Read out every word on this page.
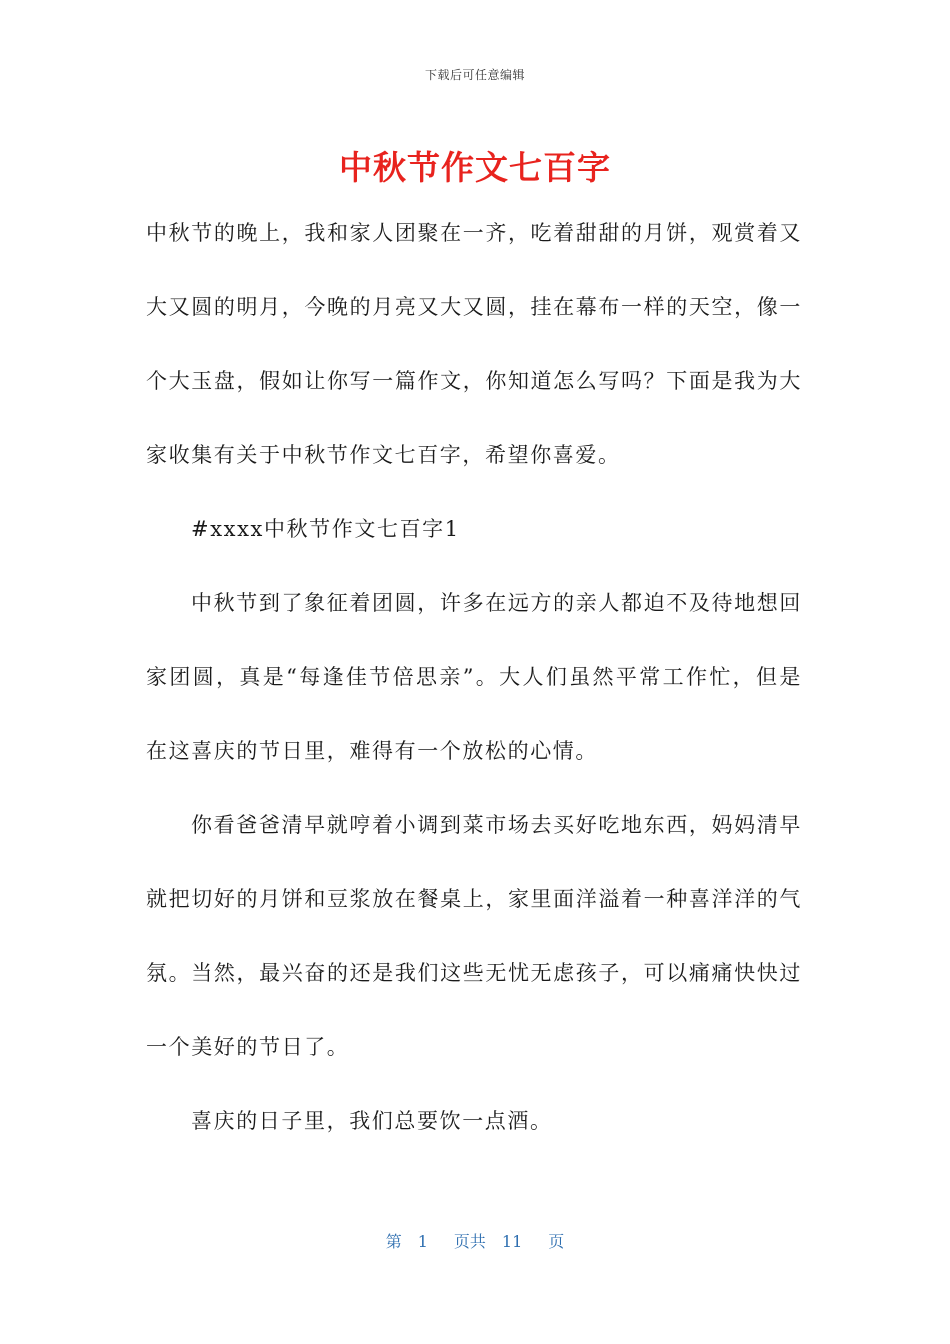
下载后可任意编辑
中秋节作文七百字

中秋节的晚上，我和家人团聚在一齐，吃着甜甜的月饼，观赏着又大又圆的明月，今晚的月亮又大又圆，挂在幕布一样的天空，像一个大玉盘，假如让你写一篇作文，你知道怎么写吗？下面是我为大家收集有关于中秋节作文七百字，希望你喜爱。

#xxxx中秋节作文七百字1

中秋节到了象征着团圆，许多在远方的亲人都迫不及待地想回家团圆，真是“每逢佳节倍思亲”。大人们虽然平常工作忙，但是在这喜庆的节日里，难得有一个放松的心情。

你看爸爸清早就哼着小调到菜市场去买好吃地东西，妈妈清早就把切好的月饼和豆浆放在餐桌上，家里面洋溢着一种喜洋洋的气氛。当然，最兴奋的还是我们这些无忧无虑孩子，可以痛痛快快过一个美好的节日了。

喜庆的日子里，我们总要饮一点酒。

第 1 页共 11 页
